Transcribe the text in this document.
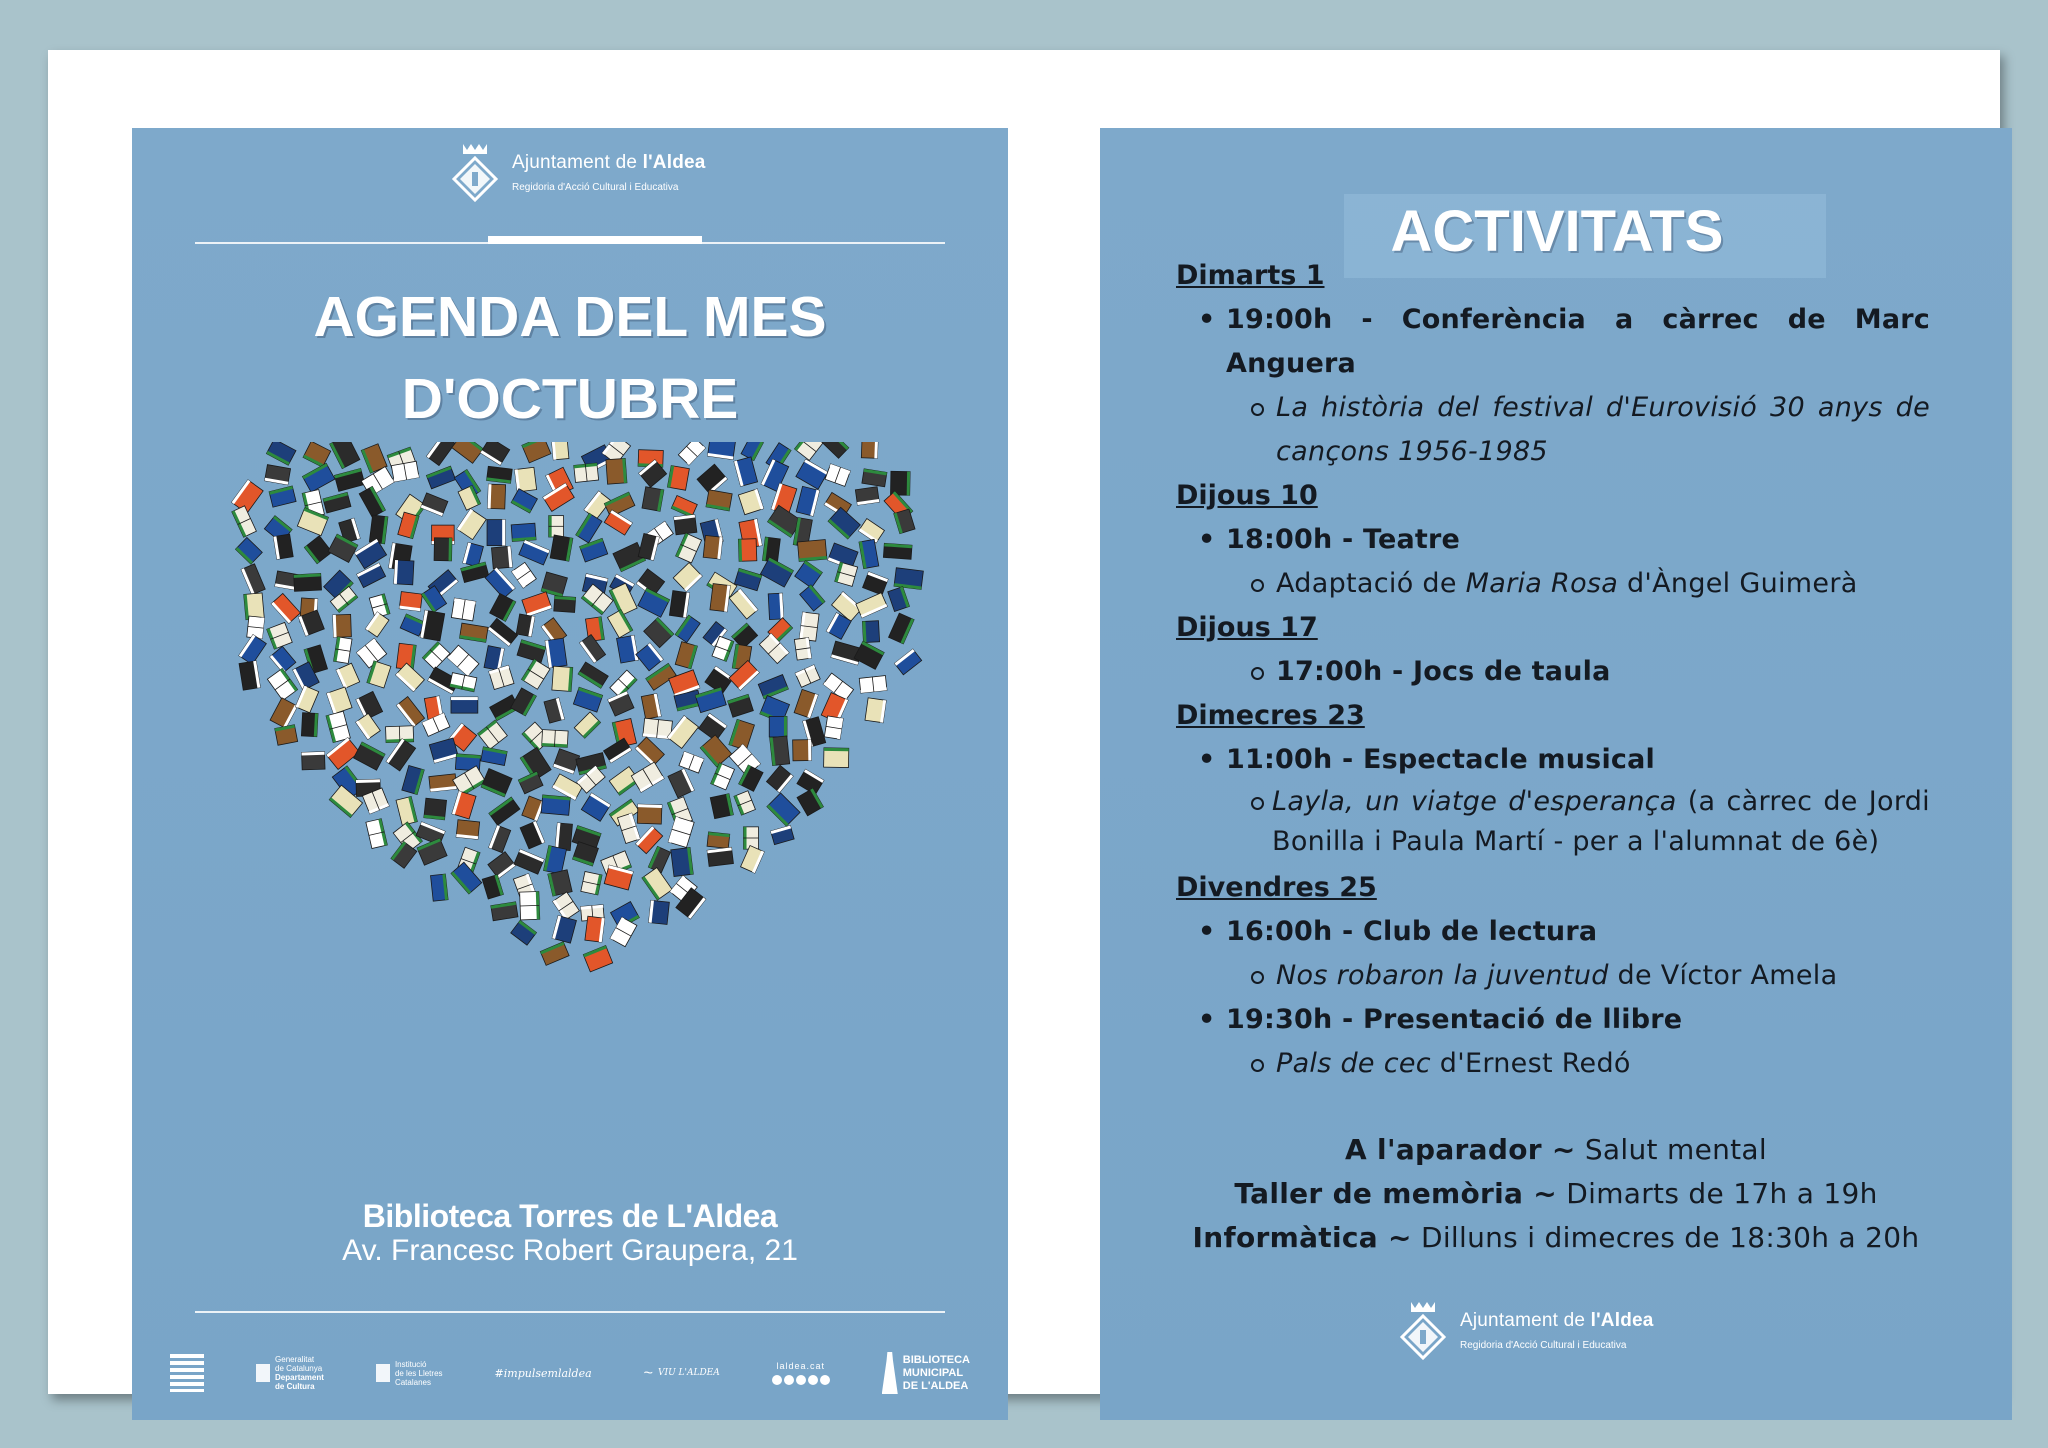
Ajuntament de l'Aldea
Regidoria d'Acció Cultural i Educativa
AGENDA DEL MES
D'OCTUBRE
Biblioteca Torres de L'Aldea
Av. Francesc Robert Graupera, 21
Generalitat
de Catalunya
Departament
de Cultura
Institució
de les Lletres
Catalanes
#impulsemlaldea	~ VIU L'ALDEA
laldea.cat	BIBLIOTECA
MUNICIPAL
DE L'ALDEA
ACTIVITATS
Dimarts 1
• 19:00h - Conferència a càrrec de Marc Anguera
La història del festival d'Eurovisió 30 anys de cançons 1956-1985
Dijous 10
• 18:00h - Teatre
Adaptació de Maria Rosa d'Àngel Guimerà
Dijous 17
17:00h - Jocs de taula
Dimecres 23
• 11:00h - Espectacle musical
Layla, un viatge d'esperança (a càrrec de Jordi Bonilla i Paula Martí - per a l'alumnat de 6è)
Divendres 25
• 16:00h - Club de lectura
Nos robaron la juventud de Víctor Amela
• 19:30h - Presentació de llibre
Pals de cec d'Ernest Redó
A l'aparador ~ Salut mental
Taller de memòria ~ Dimarts de 17h a 19h
Informàtica ~ Dilluns i dimecres de 18:30h a 20h
Ajuntament de l'Aldea
Regidoria d'Acció Cultural i Educativa
